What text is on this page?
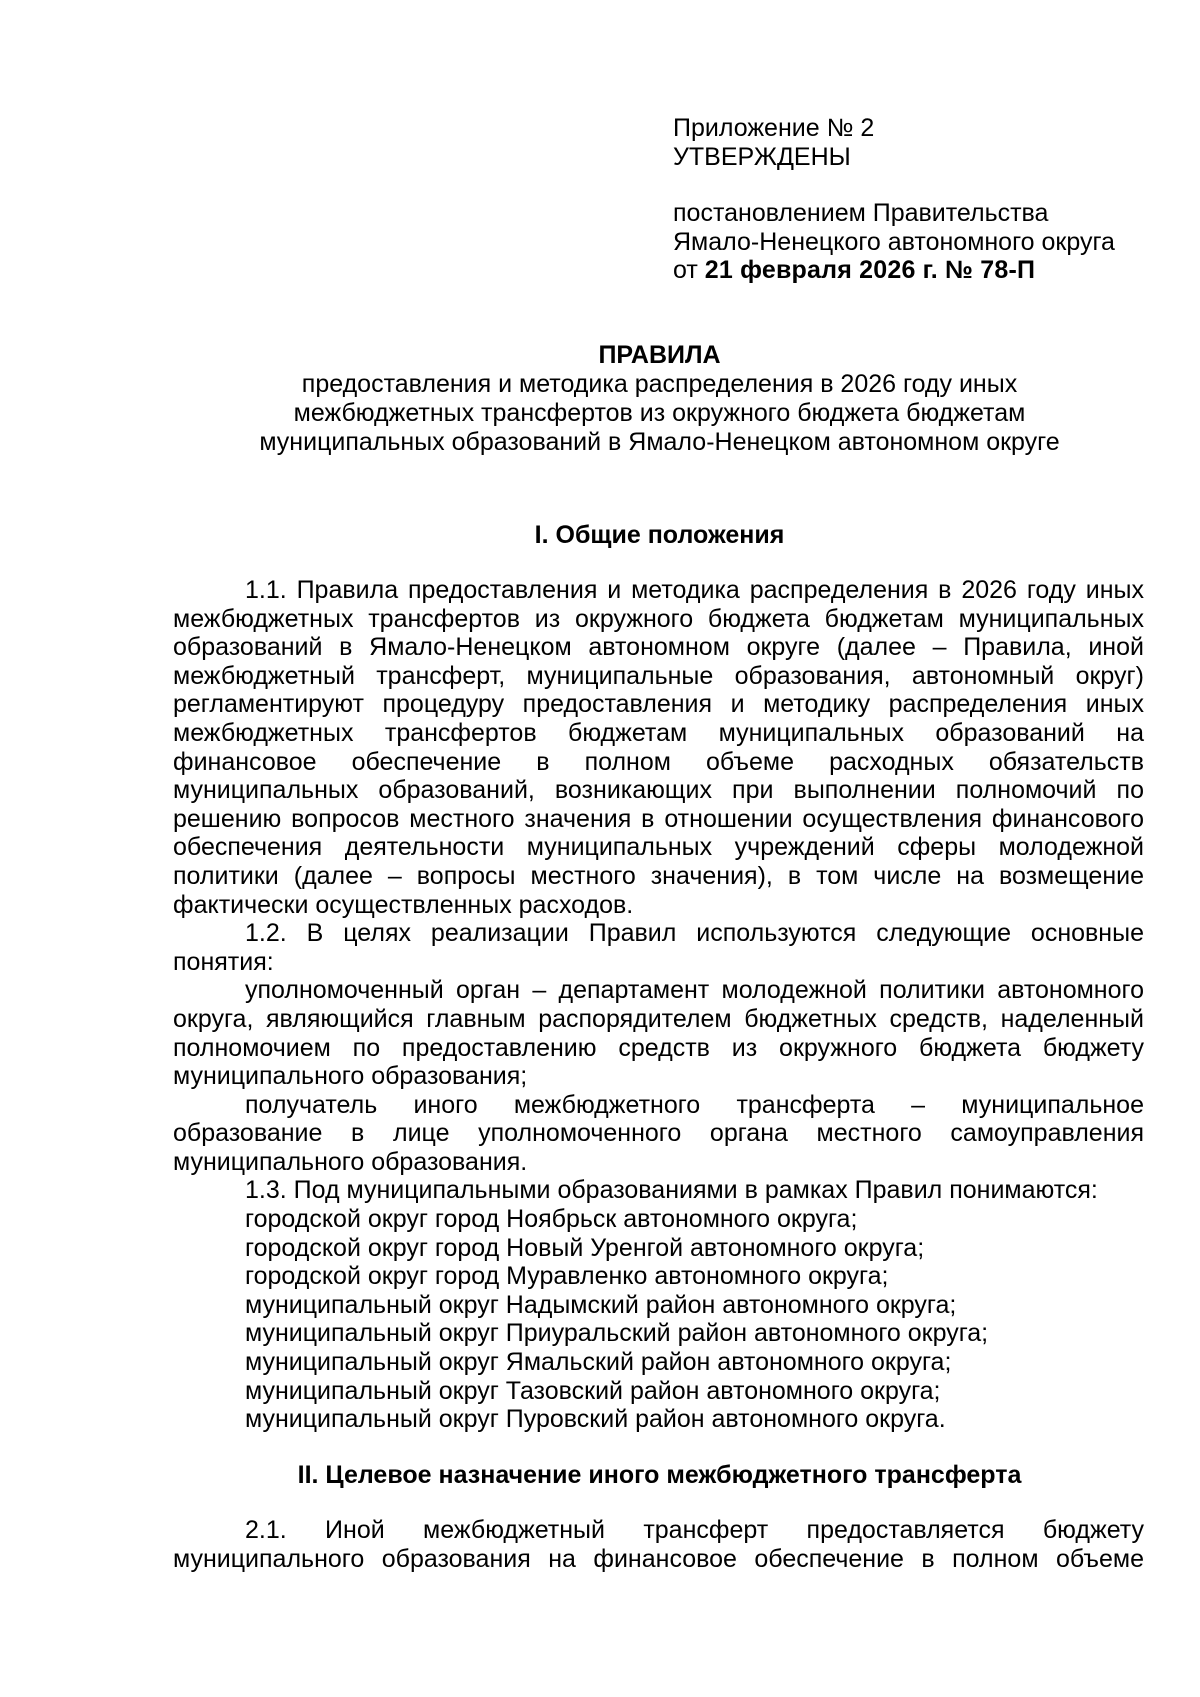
Приложение № 2
УТВЕРЖДЕНЫ
постановлением Правительства
Ямало-Ненецкого автономного округа
от 21 февраля 2026 г. № 78-П
ПРАВИЛА
предоставления и методика распределения в 2026 году иных
межбюджетных трансфертов из окружного бюджета бюджетам
муниципальных образований в Ямало-Ненецком автономном округе
I. Общие положения

1.1. Правила предоставления и методика распределения в 2026 году иных межбюджетных трансфертов из окружного бюджета бюджетам муниципальных образований в Ямало-Ненецком автономном округе (далее – Правила, иной межбюджетный трансферт, муниципальные образования, автономный округ) регламентируют процедуру предоставления и методику распределения иных межбюджетных трансфертов бюджетам муниципальных образований на финансовое обеспечение в полном объеме расходных обязательств муниципальных образований, возникающих при выполнении полномочий по решению вопросов местного значения в отношении осуществления финансового обеспечения деятельности муниципальных учреждений сферы молодежной политики (далее – вопросы местного значения), в том числе на возмещение фактически осуществленных расходов.

1.2. В целях реализации Правил используются следующие основные понятия:

уполномоченный орган – департамент молодежной политики автономного округа, являющийся главным распорядителем бюджетных средств, наделенный полномочием по предоставлению средств из окружного бюджета бюджету муниципального образования;

получатель иного межбюджетного трансферта – муниципальное образование в лице уполномоченного органа местного самоуправления муниципального образования.

1.3. Под муниципальными образованиями в рамках Правил понимаются:

городской округ город Ноябрьск автономного округа;

городской округ город Новый Уренгой автономного округа;

городской округ город Муравленко автономного округа;

муниципальный округ Надымский район автономного округа;

муниципальный округ Приуральский район автономного округа;

муниципальный округ Ямальский район автономного округа;

муниципальный округ Тазовский район автономного округа;

муниципальный округ Пуровский район автономного округа.

II. Целевое назначение иного межбюджетного трансферта

2.1. Иной межбюджетный трансферт предоставляется бюджету муниципального образования на финансовое обеспечение в полном объеме
